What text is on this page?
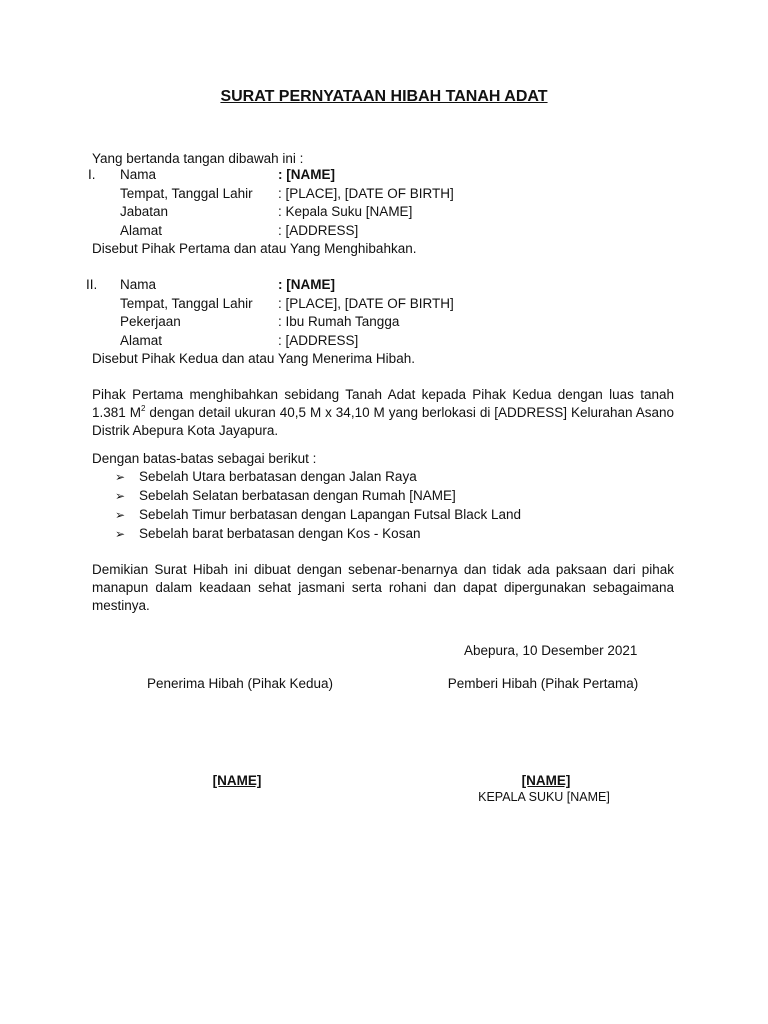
SURAT PERNYATAAN HIBAH TANAH ADAT
Yang bertanda tangan dibawah ini :
I. Nama	: [NAME]
Tempat, Tanggal Lahir : [PLACE], [DATE OF BIRTH]
Jabatan	: Kepala Suku [NAME]
Alamat	: [ADDRESS]
Disebut Pihak Pertama dan atau Yang Menghibahkan.
II. Nama	: [NAME]
Tempat, Tanggal Lahir : [PLACE], [DATE OF BIRTH]
Pekerjaan	: Ibu Rumah Tangga
Alamat	: [ADDRESS]
Disebut Pihak Kedua dan atau Yang Menerima Hibah.
Pihak Pertama menghibahkan sebidang Tanah Adat kepada Pihak Kedua dengan luas tanah 1.381 $M^2$ dengan detail ukuran 40,5 M x 34,10 M yang berlokasi di [ADDRESS] Kelurahan Asano Distrik Abepura Kota Jayapura.
Dengan batas-batas sebagai berikut :
➢ Sebelah Utara berbatasan dengan Jalan Raya
➢ Sebelah Selatan berbatasan dengan Rumah [NAME]
➢ Sebelah Timur berbatasan dengan Lapangan Futsal Black Land
➢ Sebelah barat berbatasan dengan Kos - Kosan
Demikian Surat Hibah ini dibuat dengan sebenar-benarnya dan tidak ada paksaan dari pihak manapun dalam keadaan sehat jasmani serta rohani dan dapat dipergunakan sebagaimana mestinya.
Abepura, 10 Desember 2021
Penerima Hibah (Pihak Kedua)	Pemberi Hibah (Pihak Pertama)
[NAME]	[NAME]
KEPALA SUKU [NAME]
